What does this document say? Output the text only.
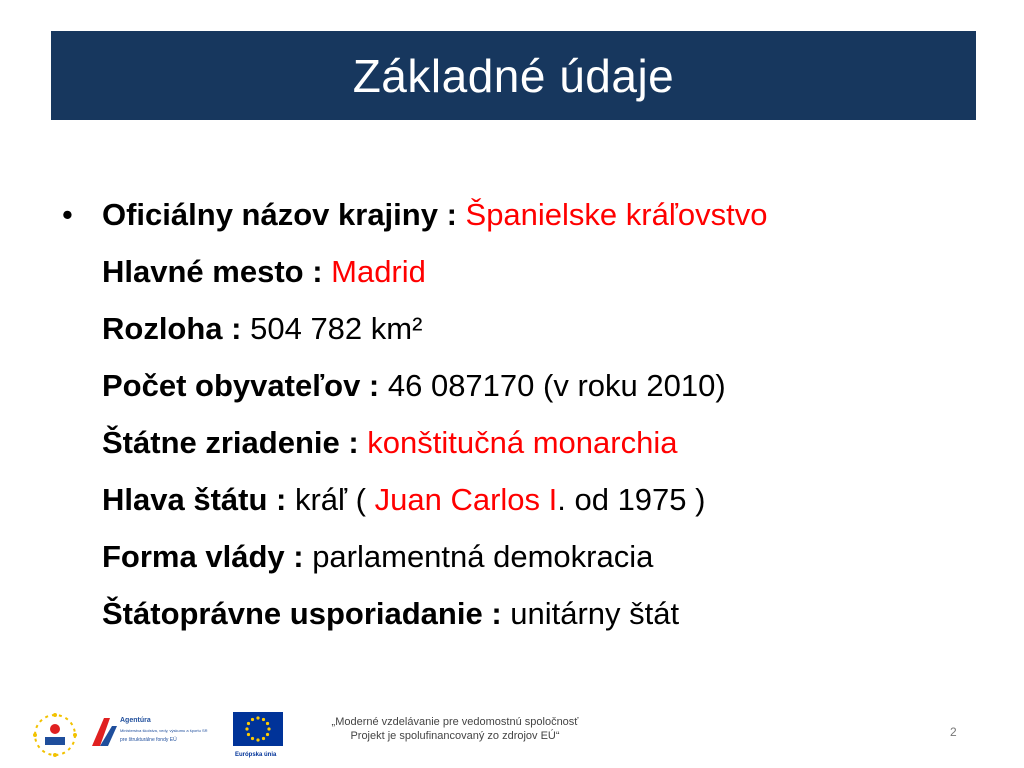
Základné údaje
• Oficiálny názov krajiny : Španielske kráľovstvo
Hlavné mesto : Madrid
Rozloha : 504 782 km²
Počet obyvateľov : 46 087170 (v roku 2010)
Štátne zriadenie : konštitučná monarchia
Hlava štátu : kráľ ( Juan Carlos I. od 1975 )
Forma vlády : parlamentná demokracia
Štátoprávne usporiadanie : unitárny štát
Agentúra
Ministerstva školstva, vedy, výskumu a športu SR
pre štrukturálne fondy EÚ
Európska únia
„Moderné vzdelávanie pre vedomostnú spoločnosť
Projekt je spolufinancovaný zo zdrojov EÚ“	2
